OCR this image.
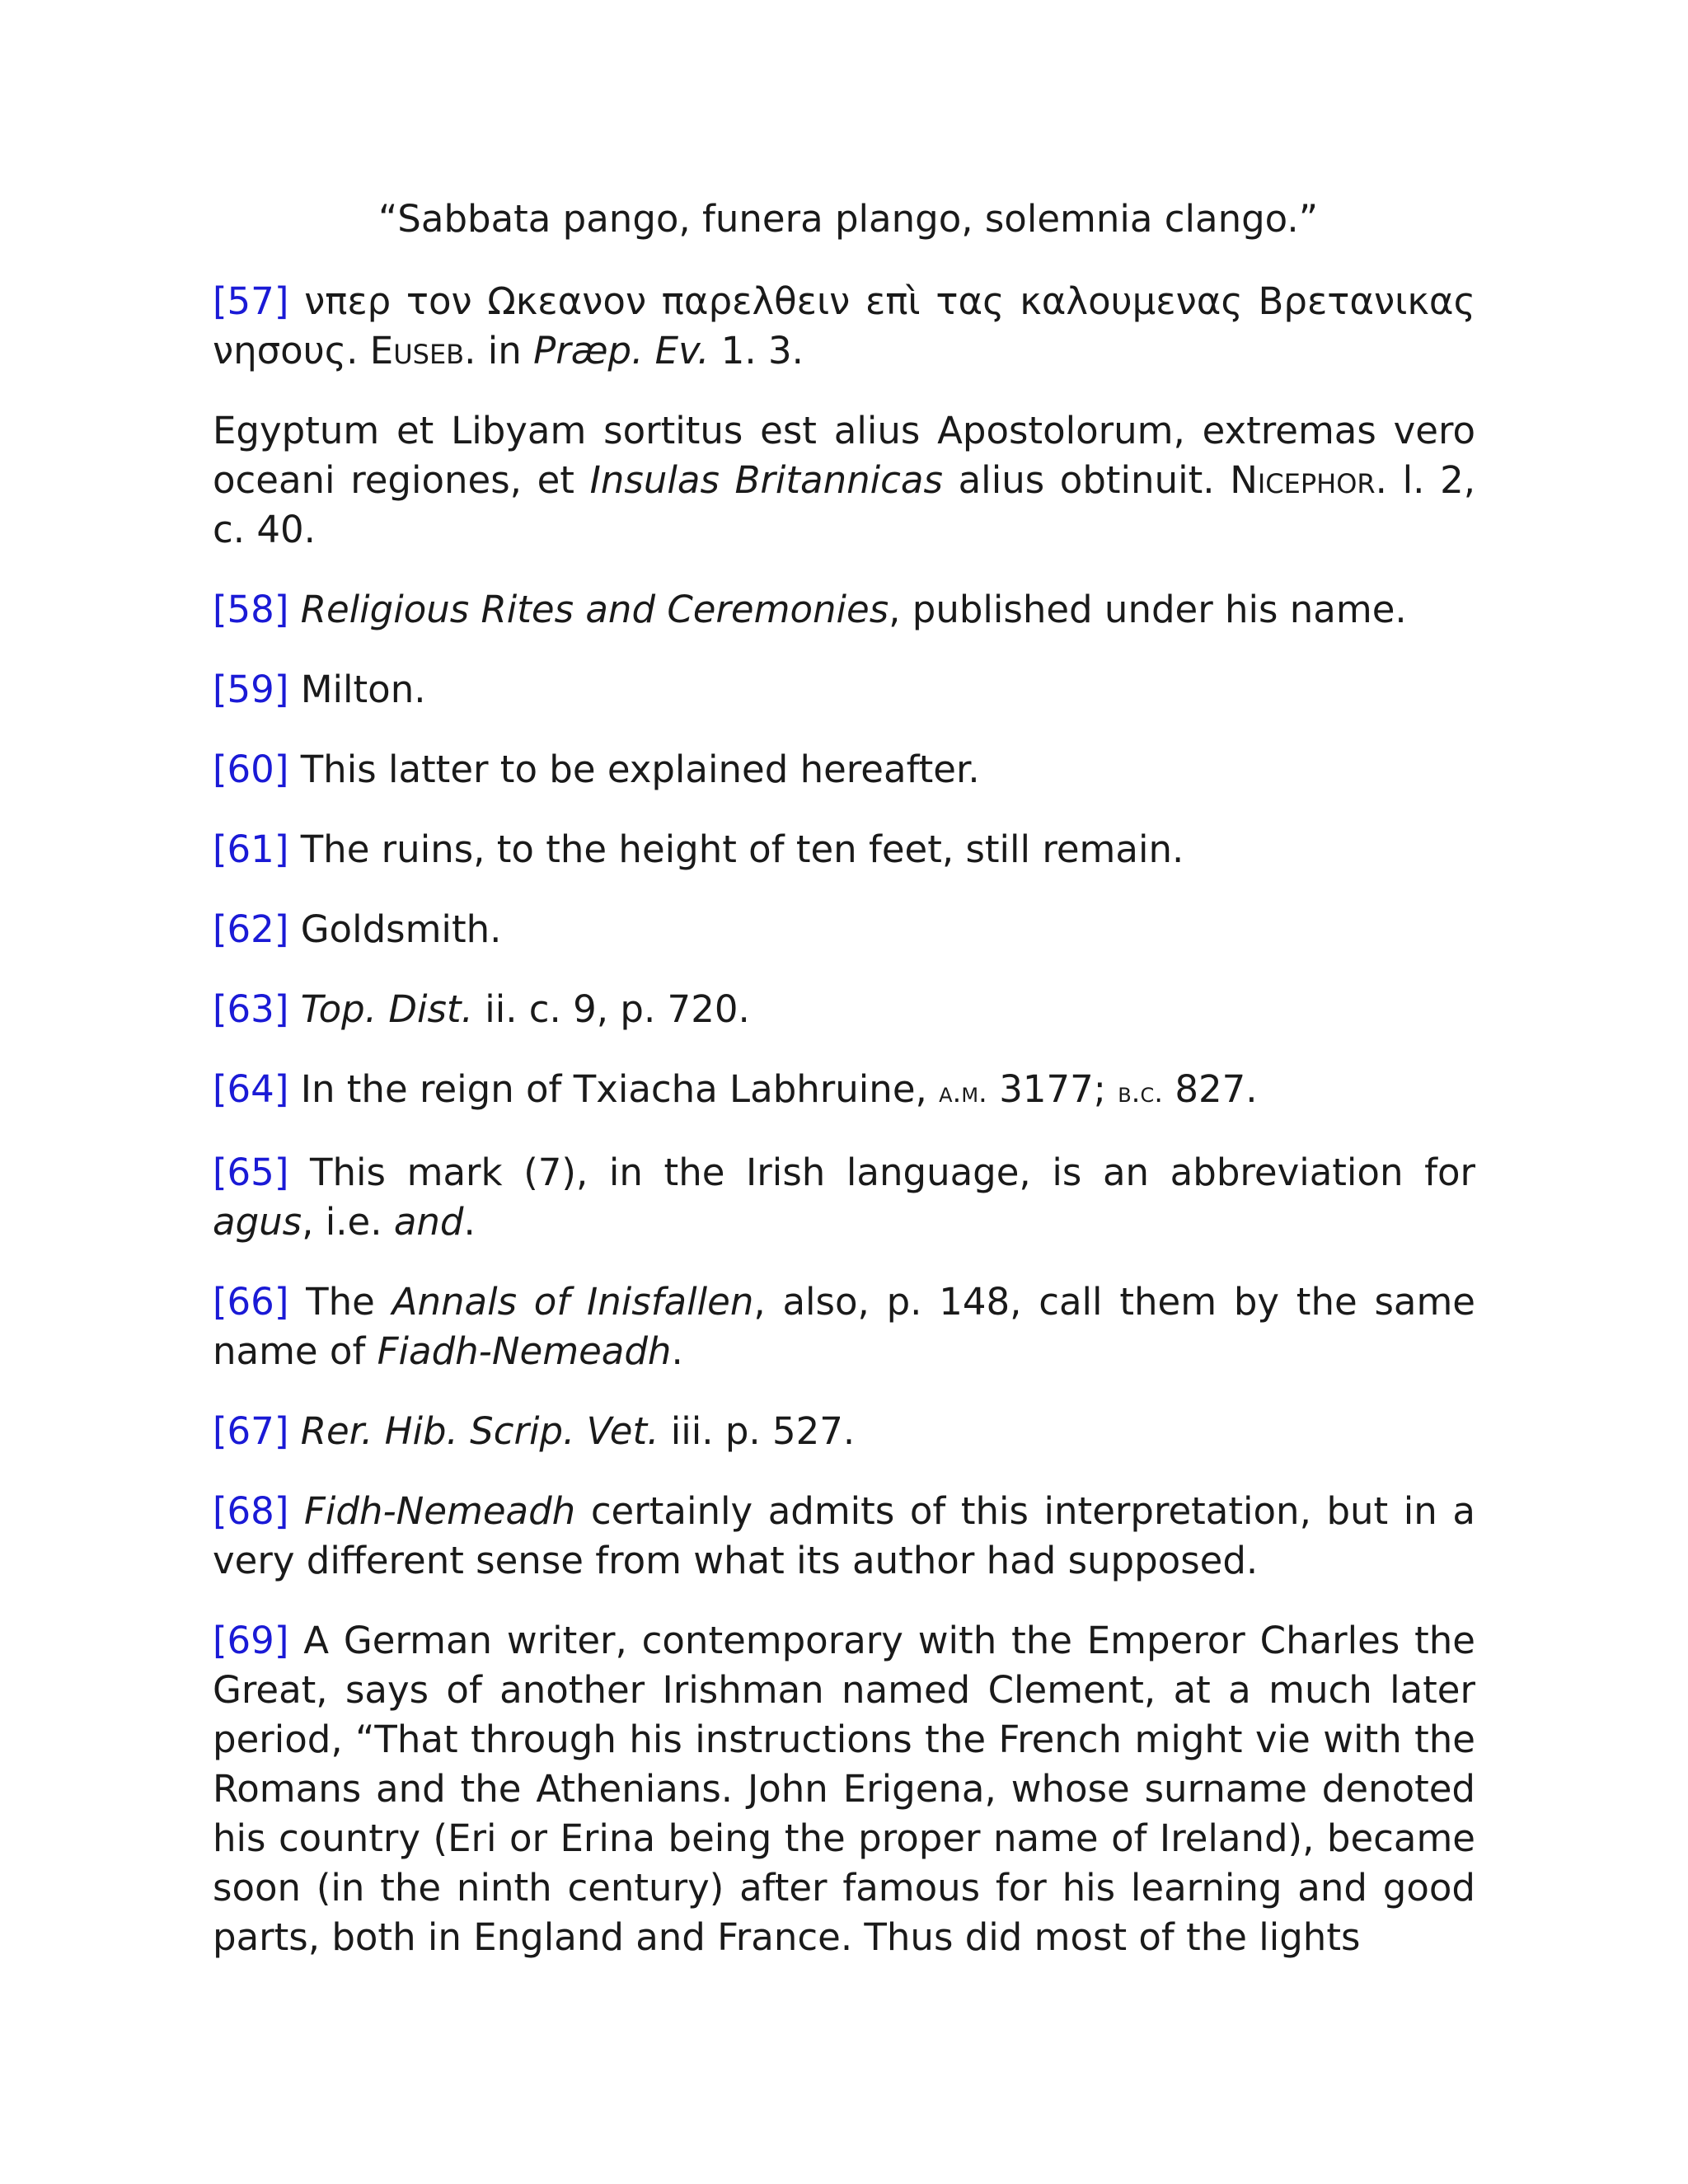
“Sabbata pango, funera plango, solemnia clango.”

[57] νπερ τον Ωκεανον παρελθειν επὶ τας καλουμενας Βρετανικας νησους. Euseb. in Præp. Ev. 1. 3.

Egyptum et Libyam sortitus est alius Apostolorum, extremas vero oceani regiones, et Insulas Britannicas alius obtinuit. Nicephor. l. 2, c. 40.

[58] Religious Rites and Ceremonies, published under his name.

[59] Milton.

[60] This latter to be explained hereafter.

[61] The ruins, to the height of ten feet, still remain.

[62] Goldsmith.

[63] Top. Dist. ii. c. 9, p. 720.

[64] In the reign of Txiacha Labhruine, a.m. 3177; b.c. 827.

[65] This mark (7), in the Irish language, is an abbreviation for agus, i.e. and.

[66] The Annals of Inisfallen, also, p. 148, call them by the same name of Fiadh-Nemeadh.

[67] Rer. Hib. Scrip. Vet. iii. p. 527.

[68] Fidh-Nemeadh certainly admits of this interpretation, but in a very different sense from what its author had supposed.

[69] A German writer, contemporary with the Emperor Charles the Great, says of another Irishman named Clement, at a much later period, “That through his instructions the French might vie with the Romans and the Athenians. John Erigena, whose surname denoted his country (Eri or Erina being the proper name of Ireland), became soon (in the ninth century) after famous for his learning and good parts, both in England and France. Thus did most of the lights
